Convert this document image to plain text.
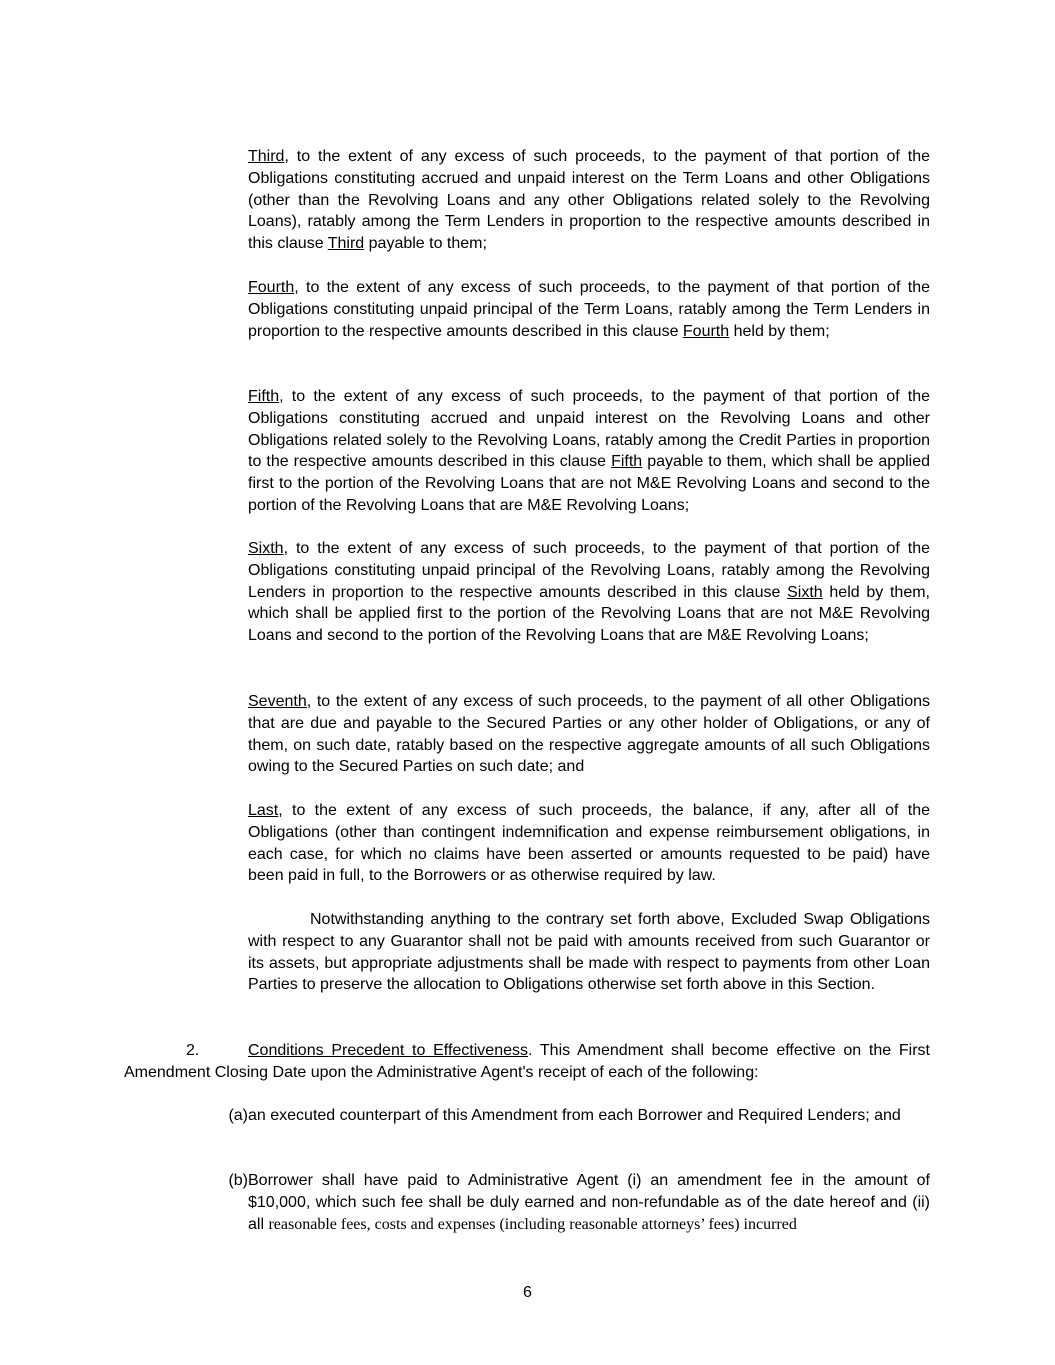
Third, to the extent of any excess of such proceeds, to the payment of that portion of the Obligations constituting accrued and unpaid interest on the Term Loans and other Obligations (other than the Revolving Loans and any other Obligations related solely to the Revolving Loans), ratably among the Term Lenders in proportion to the respective amounts described in this clause Third payable to them;

Fourth, to the extent of any excess of such proceeds, to the payment of that portion of the Obligations constituting unpaid principal of the Term Loans, ratably among the Term Lenders in proportion to the respective amounts described in this clause Fourth held by them;

Fifth, to the extent of any excess of such proceeds, to the payment of that portion of the Obligations constituting accrued and unpaid interest on the Revolving Loans and other Obligations related solely to the Revolving Loans, ratably among the Credit Parties in proportion to the respective amounts described in this clause Fifth payable to them, which shall be applied first to the portion of the Revolving Loans that are not M&E Revolving Loans and second to the portion of the Revolving Loans that are M&E Revolving Loans;

Sixth, to the extent of any excess of such proceeds, to the payment of that portion of the Obligations constituting unpaid principal of the Revolving Loans, ratably among the Revolving Lenders in proportion to the respective amounts described in this clause Sixth held by them, which shall be applied first to the portion of the Revolving Loans that are not M&E Revolving Loans and second to the portion of the Revolving Loans that are M&E Revolving Loans;

Seventh, to the extent of any excess of such proceeds, to the payment of all other Obligations that are due and payable to the Secured Parties or any other holder of Obligations, or any of them, on such date, ratably based on the respective aggregate amounts of all such Obligations owing to the Secured Parties on such date; and

Last, to the extent of any excess of such proceeds, the balance, if any, after all of the Obligations (other than contingent indemnification and expense reimbursement obligations, in each case, for which no claims have been asserted or amounts requested to be paid) have been paid in full, to the Borrowers or as otherwise required by law.

Notwithstanding anything to the contrary set forth above, Excluded Swap Obligations with respect to any Guarantor shall not be paid with amounts received from such Guarantor or its assets, but appropriate adjustments shall be made with respect to payments from other Loan Parties to preserve the allocation to Obligations otherwise set forth above in this Section.

2.	Conditions Precedent to Effectiveness. This Amendment shall become effective on the First Amendment Closing Date upon the Administrative Agent's receipt of each of the following:

(a) an executed counterpart of this Amendment from each Borrower and Required Lenders; and
(b) Borrower shall have paid to Administrative Agent (i) an amendment fee in the amount of $10,000, which such fee shall be duly earned and non-refundable as of the date hereof and (ii) all reasonable fees, costs and expenses (including reasonable attorneys’ fees) incurred
6
